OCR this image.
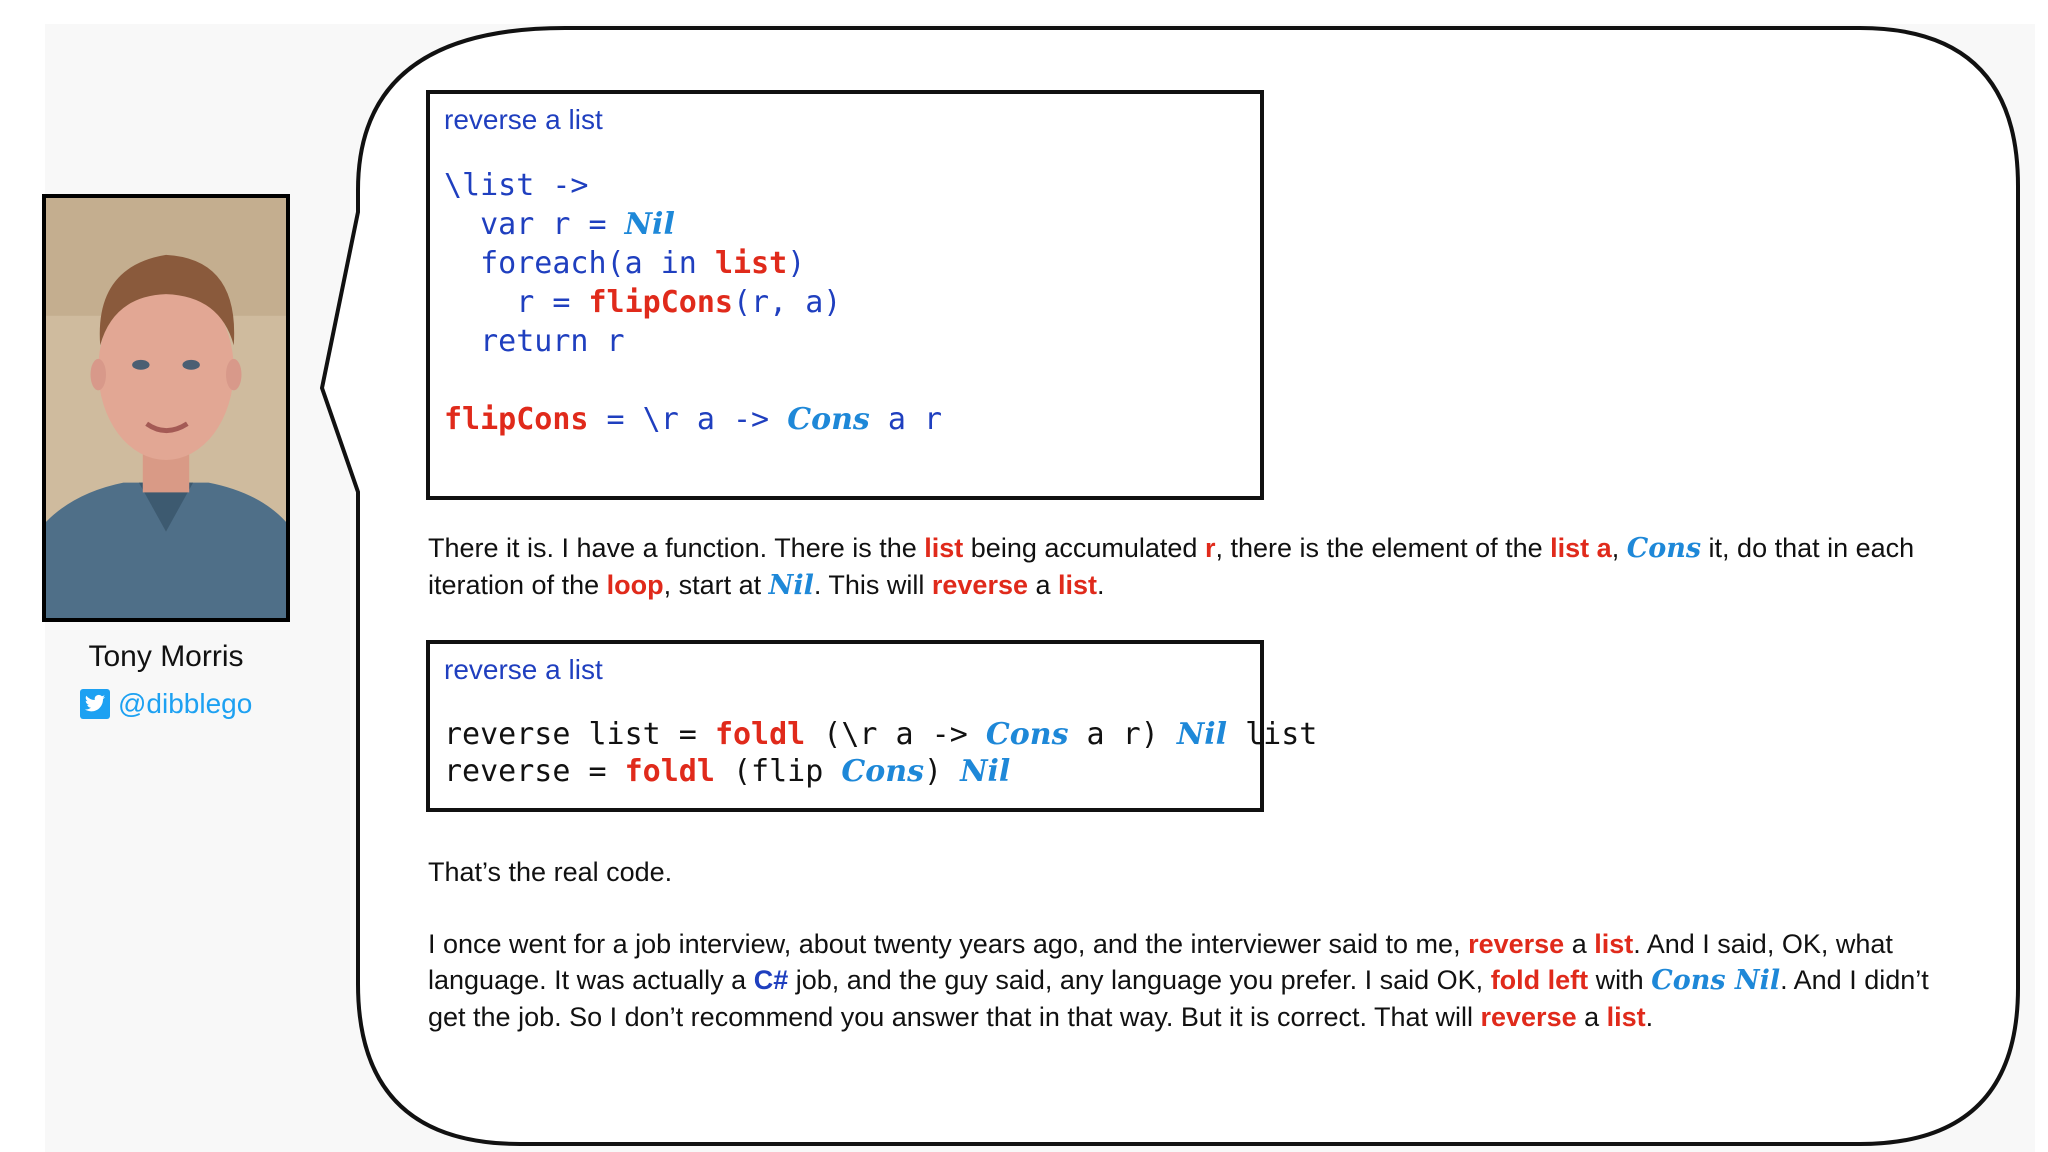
Tony Morris
@dibblego
reverse a list
\list ->
var r = Nil
foreach(a in list)
r = flipCons(r, a)
return r

flipCons = \r a -> Cons a r

There it is. I have a function. There is the list being accumulated r, there is the element of the list a, Cons it, do that in each iteration of the loop, start at Nil. This will reverse a list.

reverse a list
reverse list = foldl (\r a -> Cons a r) Nil list
reverse = foldl (flip Cons) Nil

That’s the real code.

I once went for a job interview, about twenty years ago, and the interviewer said to me, reverse a list. And I said, OK, what language. It was actually a C# job, and the guy said, any language you prefer. I said OK, fold left with Cons Nil. And I didn’t get the job. So I don’t recommend you answer that in that way. But it is correct. That will reverse a list.
